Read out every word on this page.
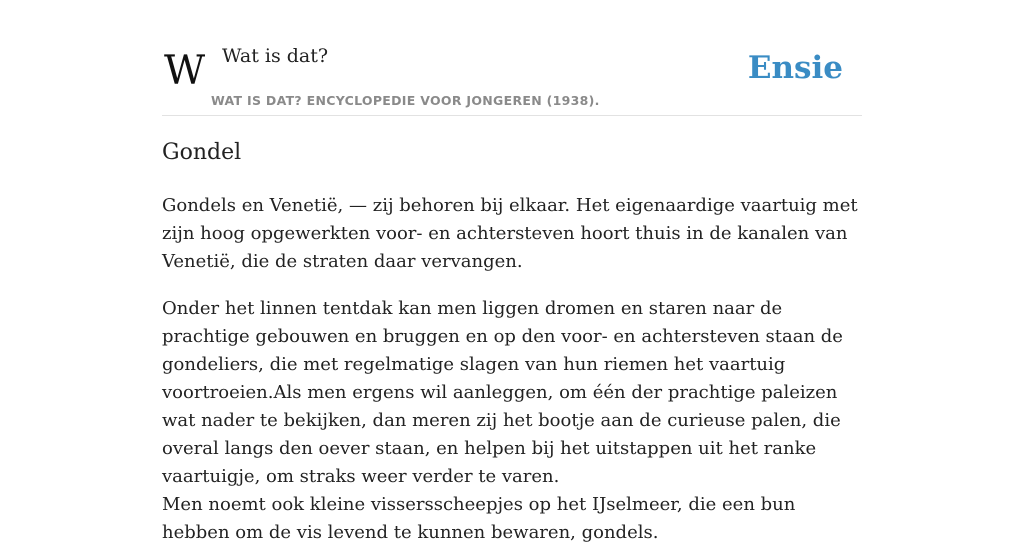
W	Wat is dat?
WAT IS DAT? ENCYCLOPEDIE VOOR JONGEREN (1938).
Ensie
Gondel

Gondels en Venetië, — zij behoren bij elkaar. Het eigenaardige vaartuig met zijn hoog opgewerkten voor- en achtersteven hoort thuis in de kanalen van Venetië, die de straten daar vervangen.

Onder het linnen tentdak kan men liggen dromen en staren naar de prachtige gebouwen en bruggen en op den voor- en achtersteven staan de gondeliers, die met regelmatige slagen van hun riemen het vaartuig voortroeien.Als men ergens wil aanleggen, om één der prachtige paleizen wat nader te bekijken, dan meren zij het bootje aan de curieuse palen, die overal langs den oever staan, en helpen bij het uitstappen uit het ranke vaartuigje, om straks weer verder te varen.
Men noemt ook kleine vissersscheepjes op het IJselmeer, die een bun hebben om de vis levend te kunnen bewaren, gondels.
